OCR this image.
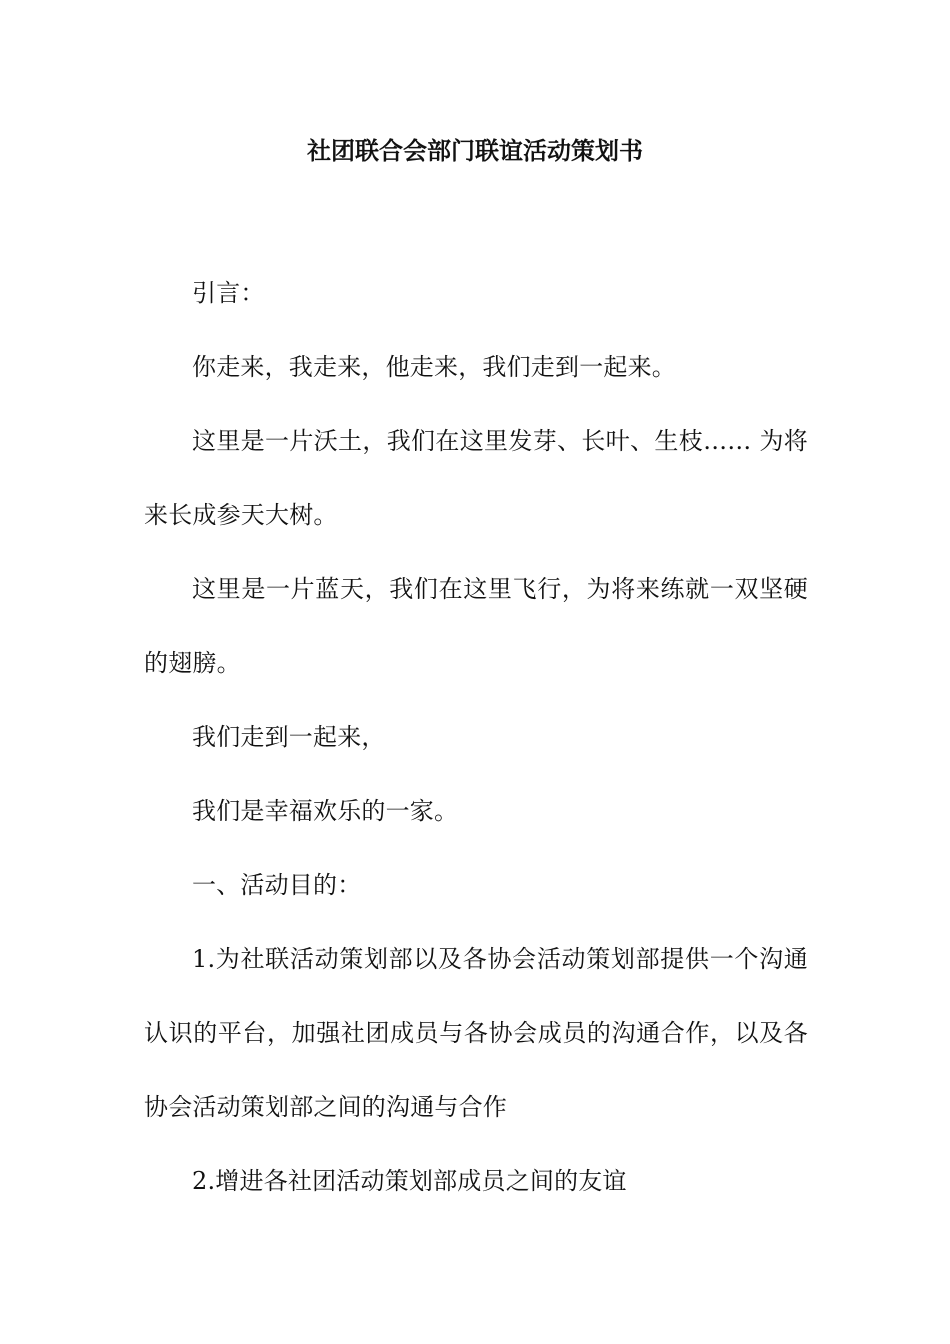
社团联合会部门联谊活动策划书

引言：

你走来，我走来，他走来，我们走到一起来。

这里是一片沃土，我们在这里发芽、长叶、生枝…… 为将来长成参天大树。

这里是一片蓝天，我们在这里飞行，为将来练就一双坚硬的翅膀。

我们走到一起来，

我们是幸福欢乐的一家。

一、活动目的：

1.为社联活动策划部以及各协会活动策划部提供一个沟通认识的平台，加强社团成员与各协会成员的沟通合作，以及各协会活动策划部之间的沟通与合作

2.增进各社团活动策划部成员之间的友谊
